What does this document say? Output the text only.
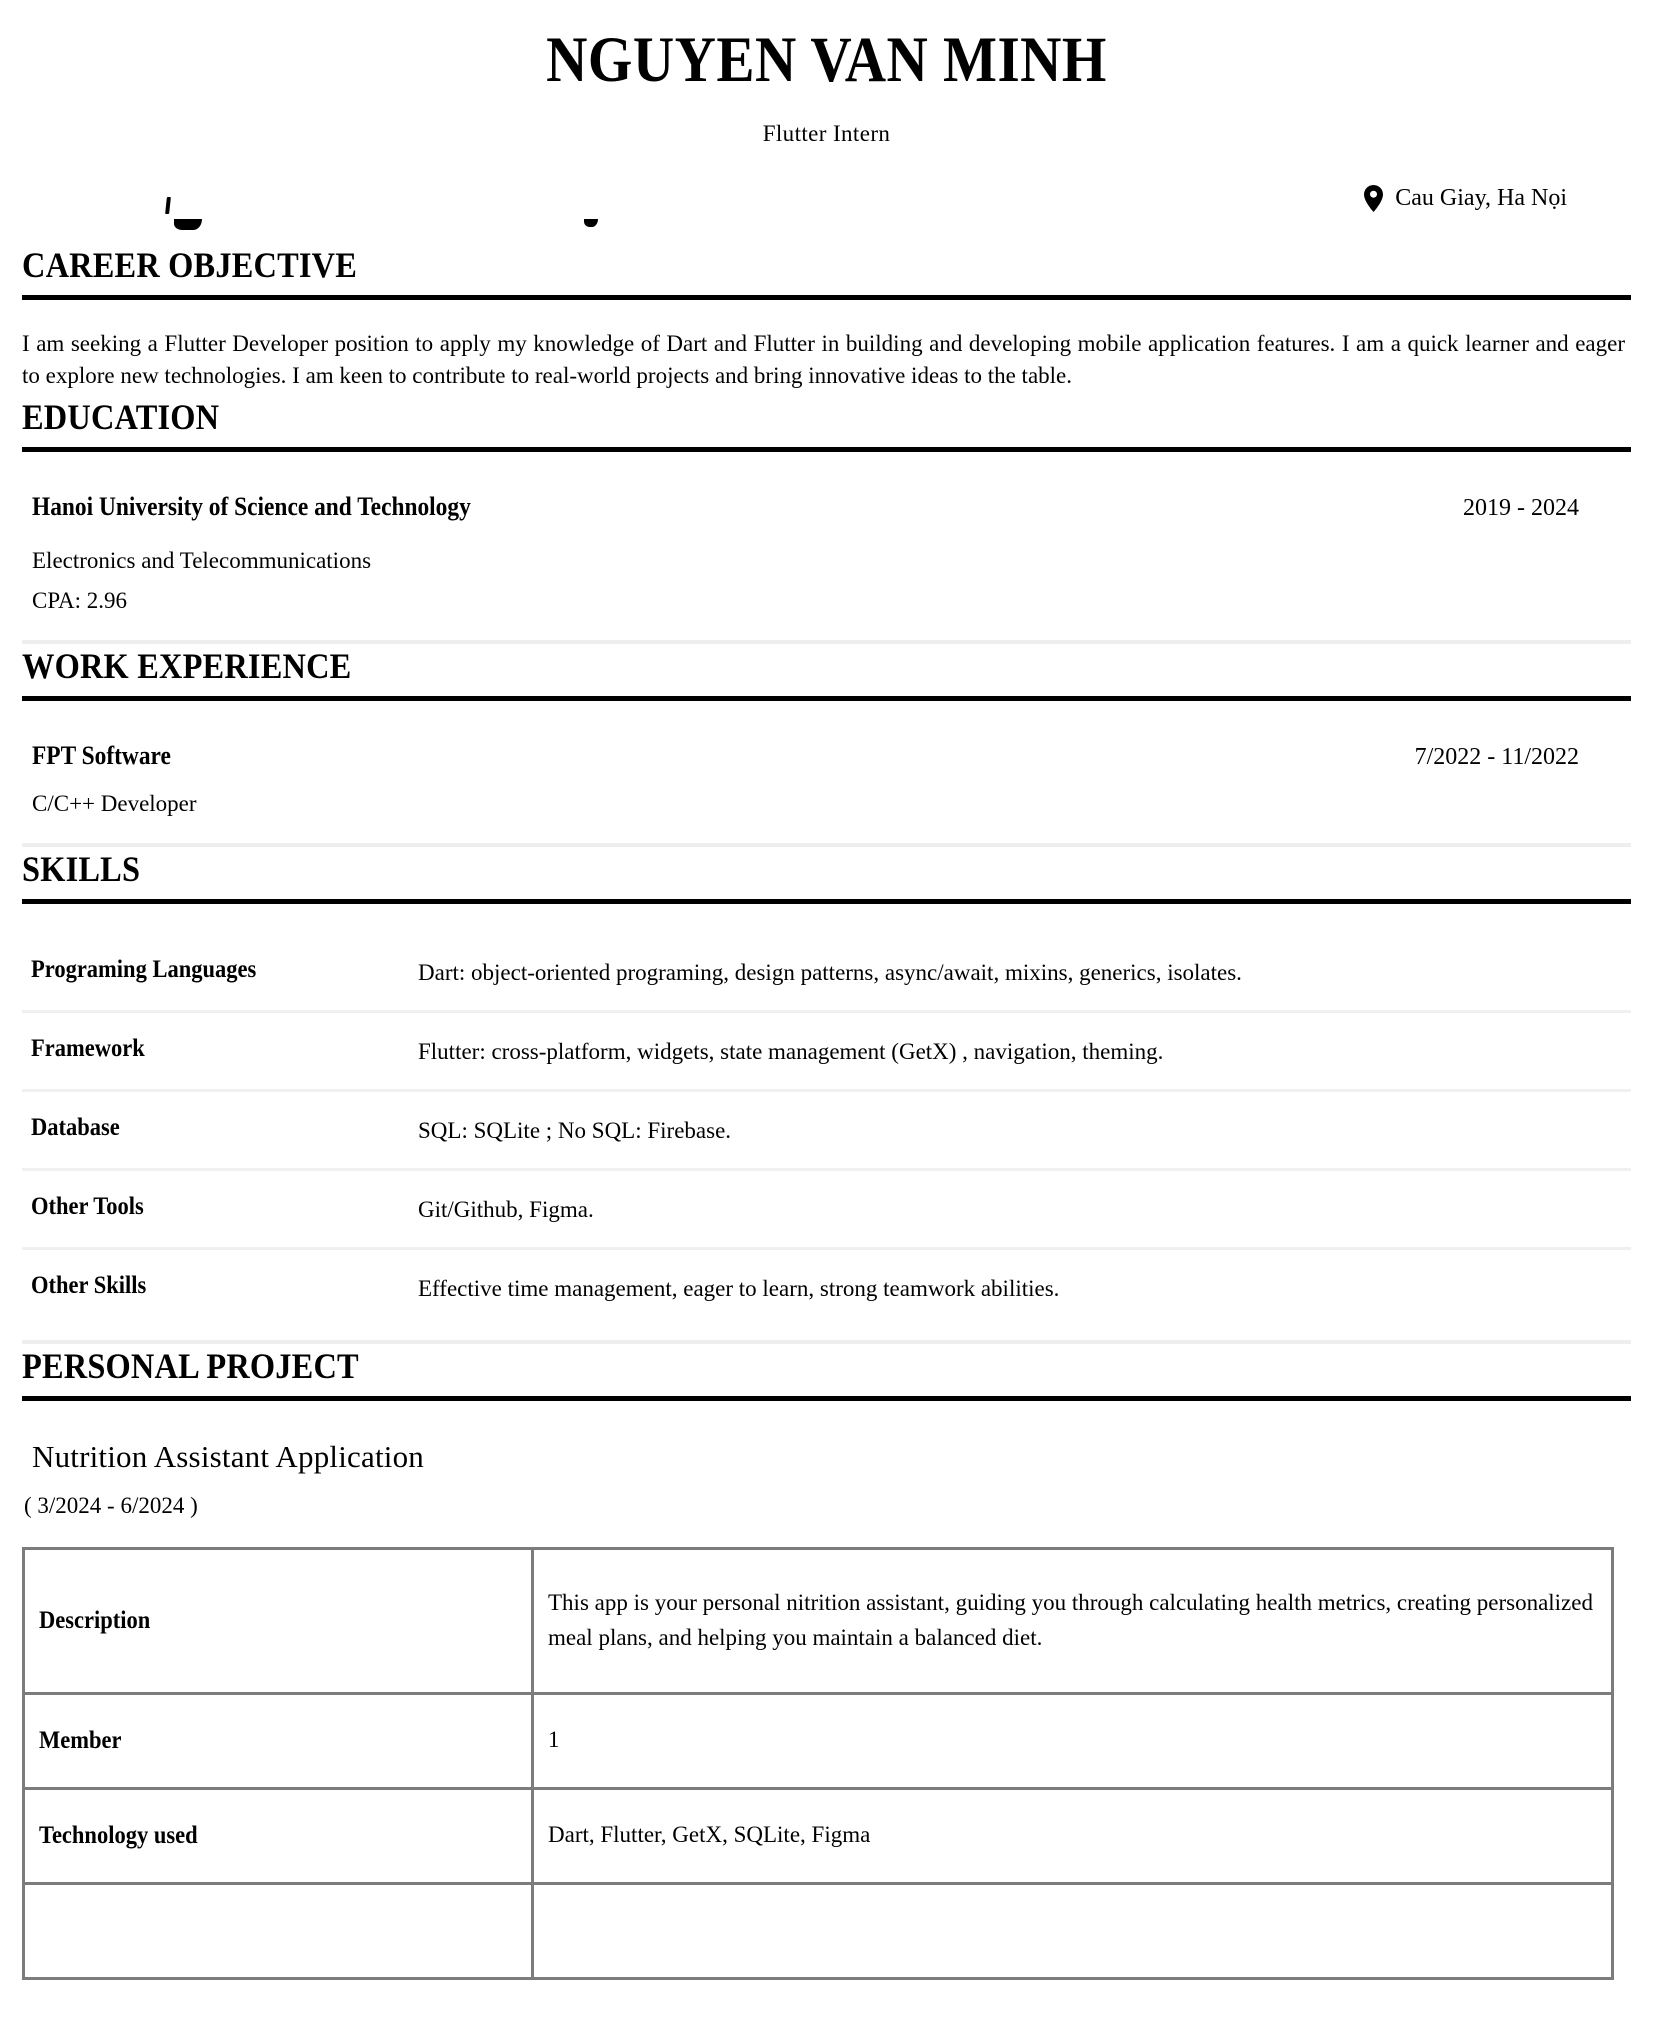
NGUYEN VAN MINH
Flutter Intern
Cau Giay, Ha Nọi
CAREER OBJECTIVE
I am seeking a Flutter Developer position to apply my knowledge of Dart and Flutter in building and developing mobile application features. I am a quick learner and eager to explore new technologies. I am keen to contribute to real-world projects and bring innovative ideas to the table.
EDUCATION
Hanoi University of Science and Technology	2019 - 2024
Electronics and Telecommunications
CPA: 2.96
WORK EXPERIENCE
FPT Software	7/2022 - 11/2022
C/C++ Developer
SKILLS
Programing Languages	Dart: object-oriented programing, design patterns, async/await, mixins, generics, isolates.
Framework	Flutter: cross-platform, widgets, state management (GetX) , navigation, theming.
Database	SQL: SQLite ; No SQL: Firebase.
Other Tools	Git/Github, Figma.
Other Skills	Effective time management, eager to learn, strong teamwork abilities.
PERSONAL PROJECT
Nutrition Assistant Application
( 3/2024 - 6/2024 )
Description	This app is your personal nitrition assistant, guiding you through calculating health metrics, creating personalized meal plans, and helping you maintain a balanced diet.
Member	1
Technology used	Dart, Flutter, GetX, SQLite, Figma
